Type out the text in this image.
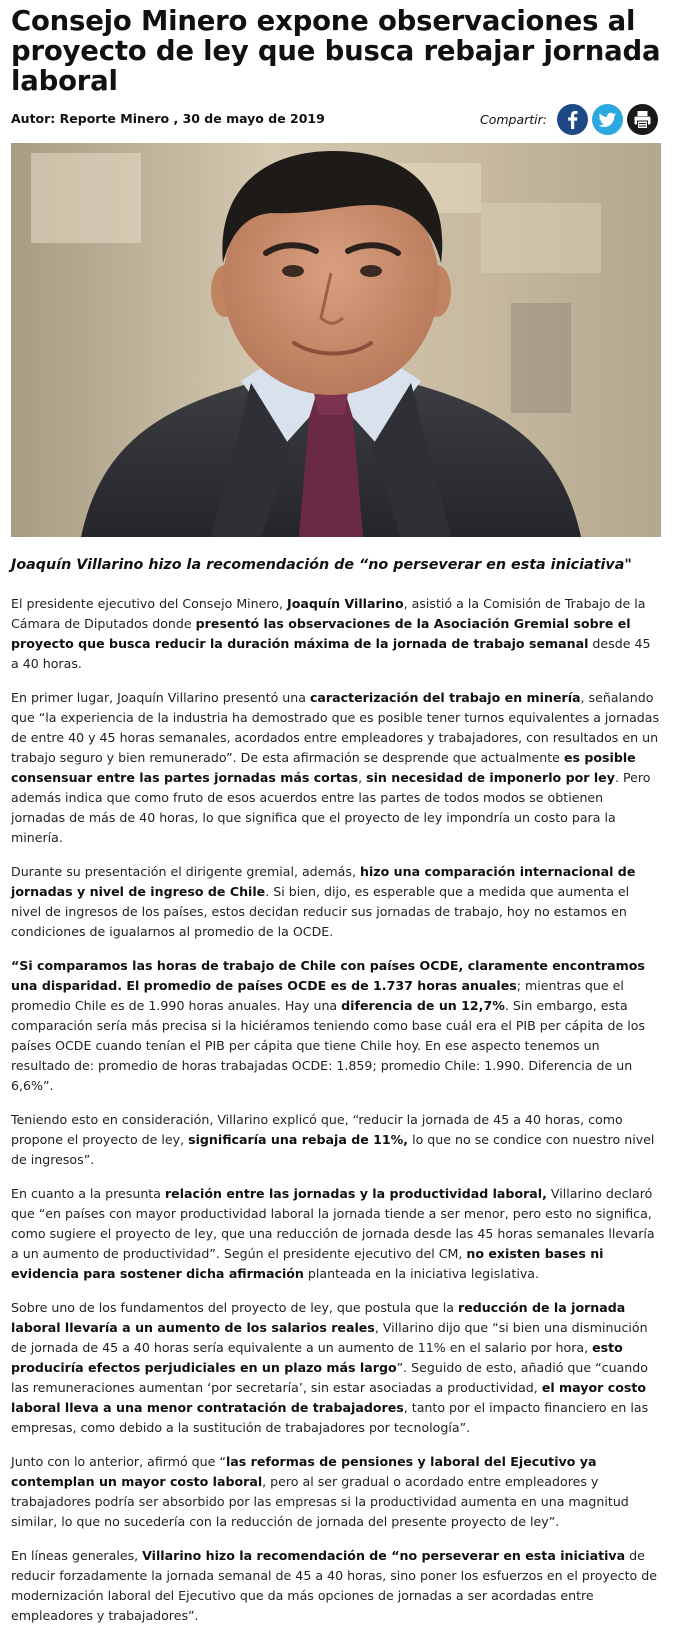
Consejo Minero expone observaciones al proyecto de ley que busca rebajar jornada laboral
Autor: Reporte Minero , 30 de mayo de 2019	Compartir:
Joaquín Villarino hizo la recomendación de “no perseverar en esta iniciativa"

El presidente ejecutivo del Consejo Minero, Joaquín Villarino, asistió a la Comisión de Trabajo de la Cámara de Diputados donde presentó las observaciones de la Asociación Gremial sobre el proyecto que busca reducir la duración máxima de la jornada de trabajo semanal desde 45 a 40 horas.

En primer lugar, Joaquín Villarino presentó una caracterización del trabajo en minería, señalando que “la experiencia de la industria ha demostrado que es posible tener turnos equivalentes a jornadas de entre 40 y 45 horas semanales, acordados entre empleadores y trabajadores, con resultados en un trabajo seguro y bien remunerado”. De esta afirmación se desprende que actualmente es posible consensuar entre las partes jornadas más cortas, sin necesidad de imponerlo por ley. Pero además indica que como fruto de esos acuerdos entre las partes de todos modos se obtienen jornadas de más de 40 horas, lo que significa que el proyecto de ley impondría un costo para la minería.

Durante su presentación el dirigente gremial, además, hizo una comparación internacional de jornadas y nivel de ingreso de Chile. Si bien, dijo, es esperable que a medida que aumenta el nivel de ingresos de los países, estos decidan reducir sus jornadas de trabajo, hoy no estamos en condiciones de igualarnos al promedio de la OCDE.

“Si comparamos las horas de trabajo de Chile con países OCDE, claramente encontramos una disparidad. El promedio de países OCDE es de 1.737 horas anuales; mientras que el promedio Chile es de 1.990 horas anuales. Hay una diferencia de un 12,7%. Sin embargo, esta comparación sería más precisa si la hiciéramos teniendo como base cuál era el PIB per cápita de los países OCDE cuando tenían el PIB per cápita que tiene Chile hoy. En ese aspecto tenemos un resultado de: promedio de horas trabajadas OCDE: 1.859; promedio Chile: 1.990. Diferencia de un 6,6%”.

Teniendo esto en consideración, Villarino explicó que, “reducir la jornada de 45 a 40 horas, como propone el proyecto de ley, significaría una rebaja de 11%, lo que no se condice con nuestro nivel de ingresos”.

En cuanto a la presunta relación entre las jornadas y la productividad laboral, Villarino declaró que “en países con mayor productividad laboral la jornada tiende a ser menor, pero esto no significa, como sugiere el proyecto de ley, que una reducción de jornada desde las 45 horas semanales llevaría a un aumento de productividad”. Según el presidente ejecutivo del CM, no existen bases ni evidencia para sostener dicha afirmación planteada en la iniciativa legislativa.

Sobre uno de los fundamentos del proyecto de ley, que postula que la reducción de la jornada laboral llevaría a un aumento de los salarios reales, Villarino dijo que “si bien una disminución de jornada de 45 a 40 horas sería equivalente a un aumento de 11% en el salario por hora, esto produciría efectos perjudiciales en un plazo más largo”. Seguido de esto, añadió que “cuando las remuneraciones aumentan ‘por secretaría’, sin estar asociadas a productividad, el mayor costo laboral lleva a una menor contratación de trabajadores, tanto por el impacto financiero en las empresas, como debido a la sustitución de trabajadores por tecnología”.

Junto con lo anterior, afirmó que “las reformas de pensiones y laboral del Ejecutivo ya contemplan un mayor costo laboral, pero al ser gradual o acordado entre empleadores y trabajadores podría ser absorbido por las empresas si la productividad aumenta en una magnitud similar, lo que no sucedería con la reducción de jornada del presente proyecto de ley”.

En líneas generales, Villarino hizo la recomendación de “no perseverar en esta iniciativa de reducir forzadamente la jornada semanal de 45 a 40 horas, sino poner los esfuerzos en el proyecto de modernización laboral del Ejecutivo que da más opciones de jornadas a ser acordadas entre empleadores y trabajadores”.
